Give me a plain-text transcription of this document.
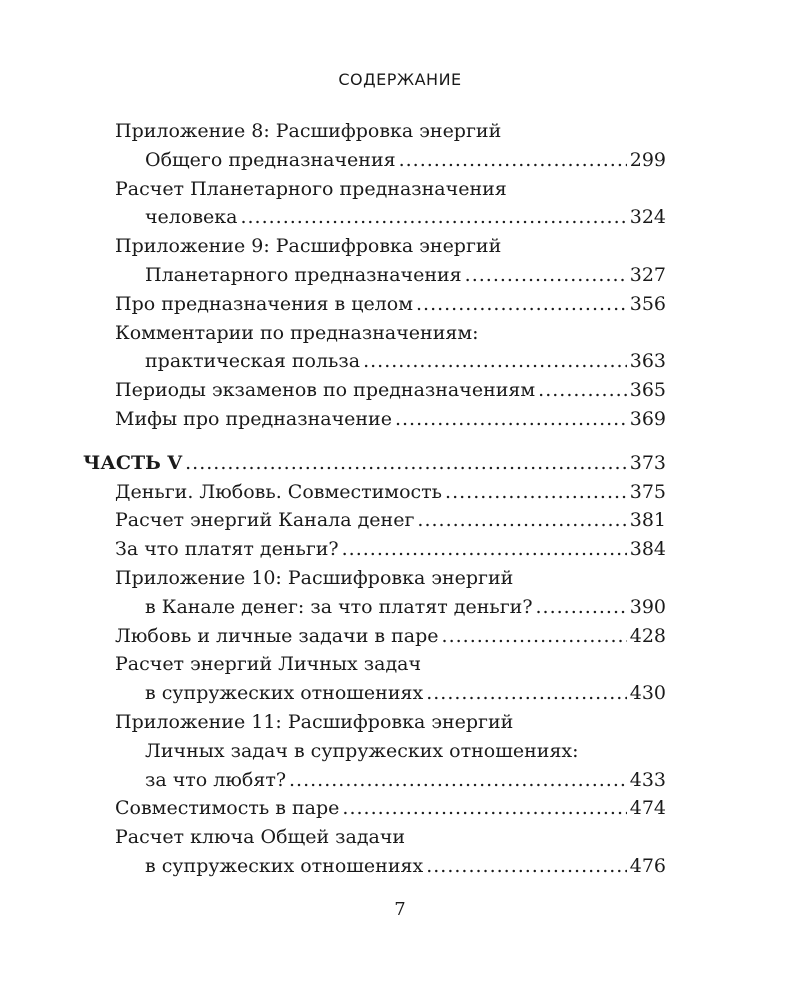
СОДЕРЖАНИЕ
Приложение 8: Расшифровка энергий
Общего предназначения .....	299
Расчет Планетарного предназначения
человека .....	324
Приложение 9: Расшифровка энергий
Планетарного предназначения .....	327
Про предназначения в целом .....	356
Комментарии по предназначениям:
практическая польза .....	363
Периоды экзаменов по предназначениям .....	365
Мифы про предназначение .....	369
ЧАСТЬ V .....	373
Деньги. Любовь. Совместимость .....	375
Расчет энергий Канала денег .....	381
За что платят деньги? .....	384
Приложение 10: Расшифровка энергий
в Канале денег: за что платят деньги? .....	390
Любовь и личные задачи в паре .....	428
Расчет энергий Личных задач
в супружеских отношениях .....	430
Приложение 11: Расшифровка энергий
Личных задач в супружеских отношениях:
за что любят? .....	433
Совместимость в паре .....	474
Расчет ключа Общей задачи
в супружеских отношениях .....	476
7
